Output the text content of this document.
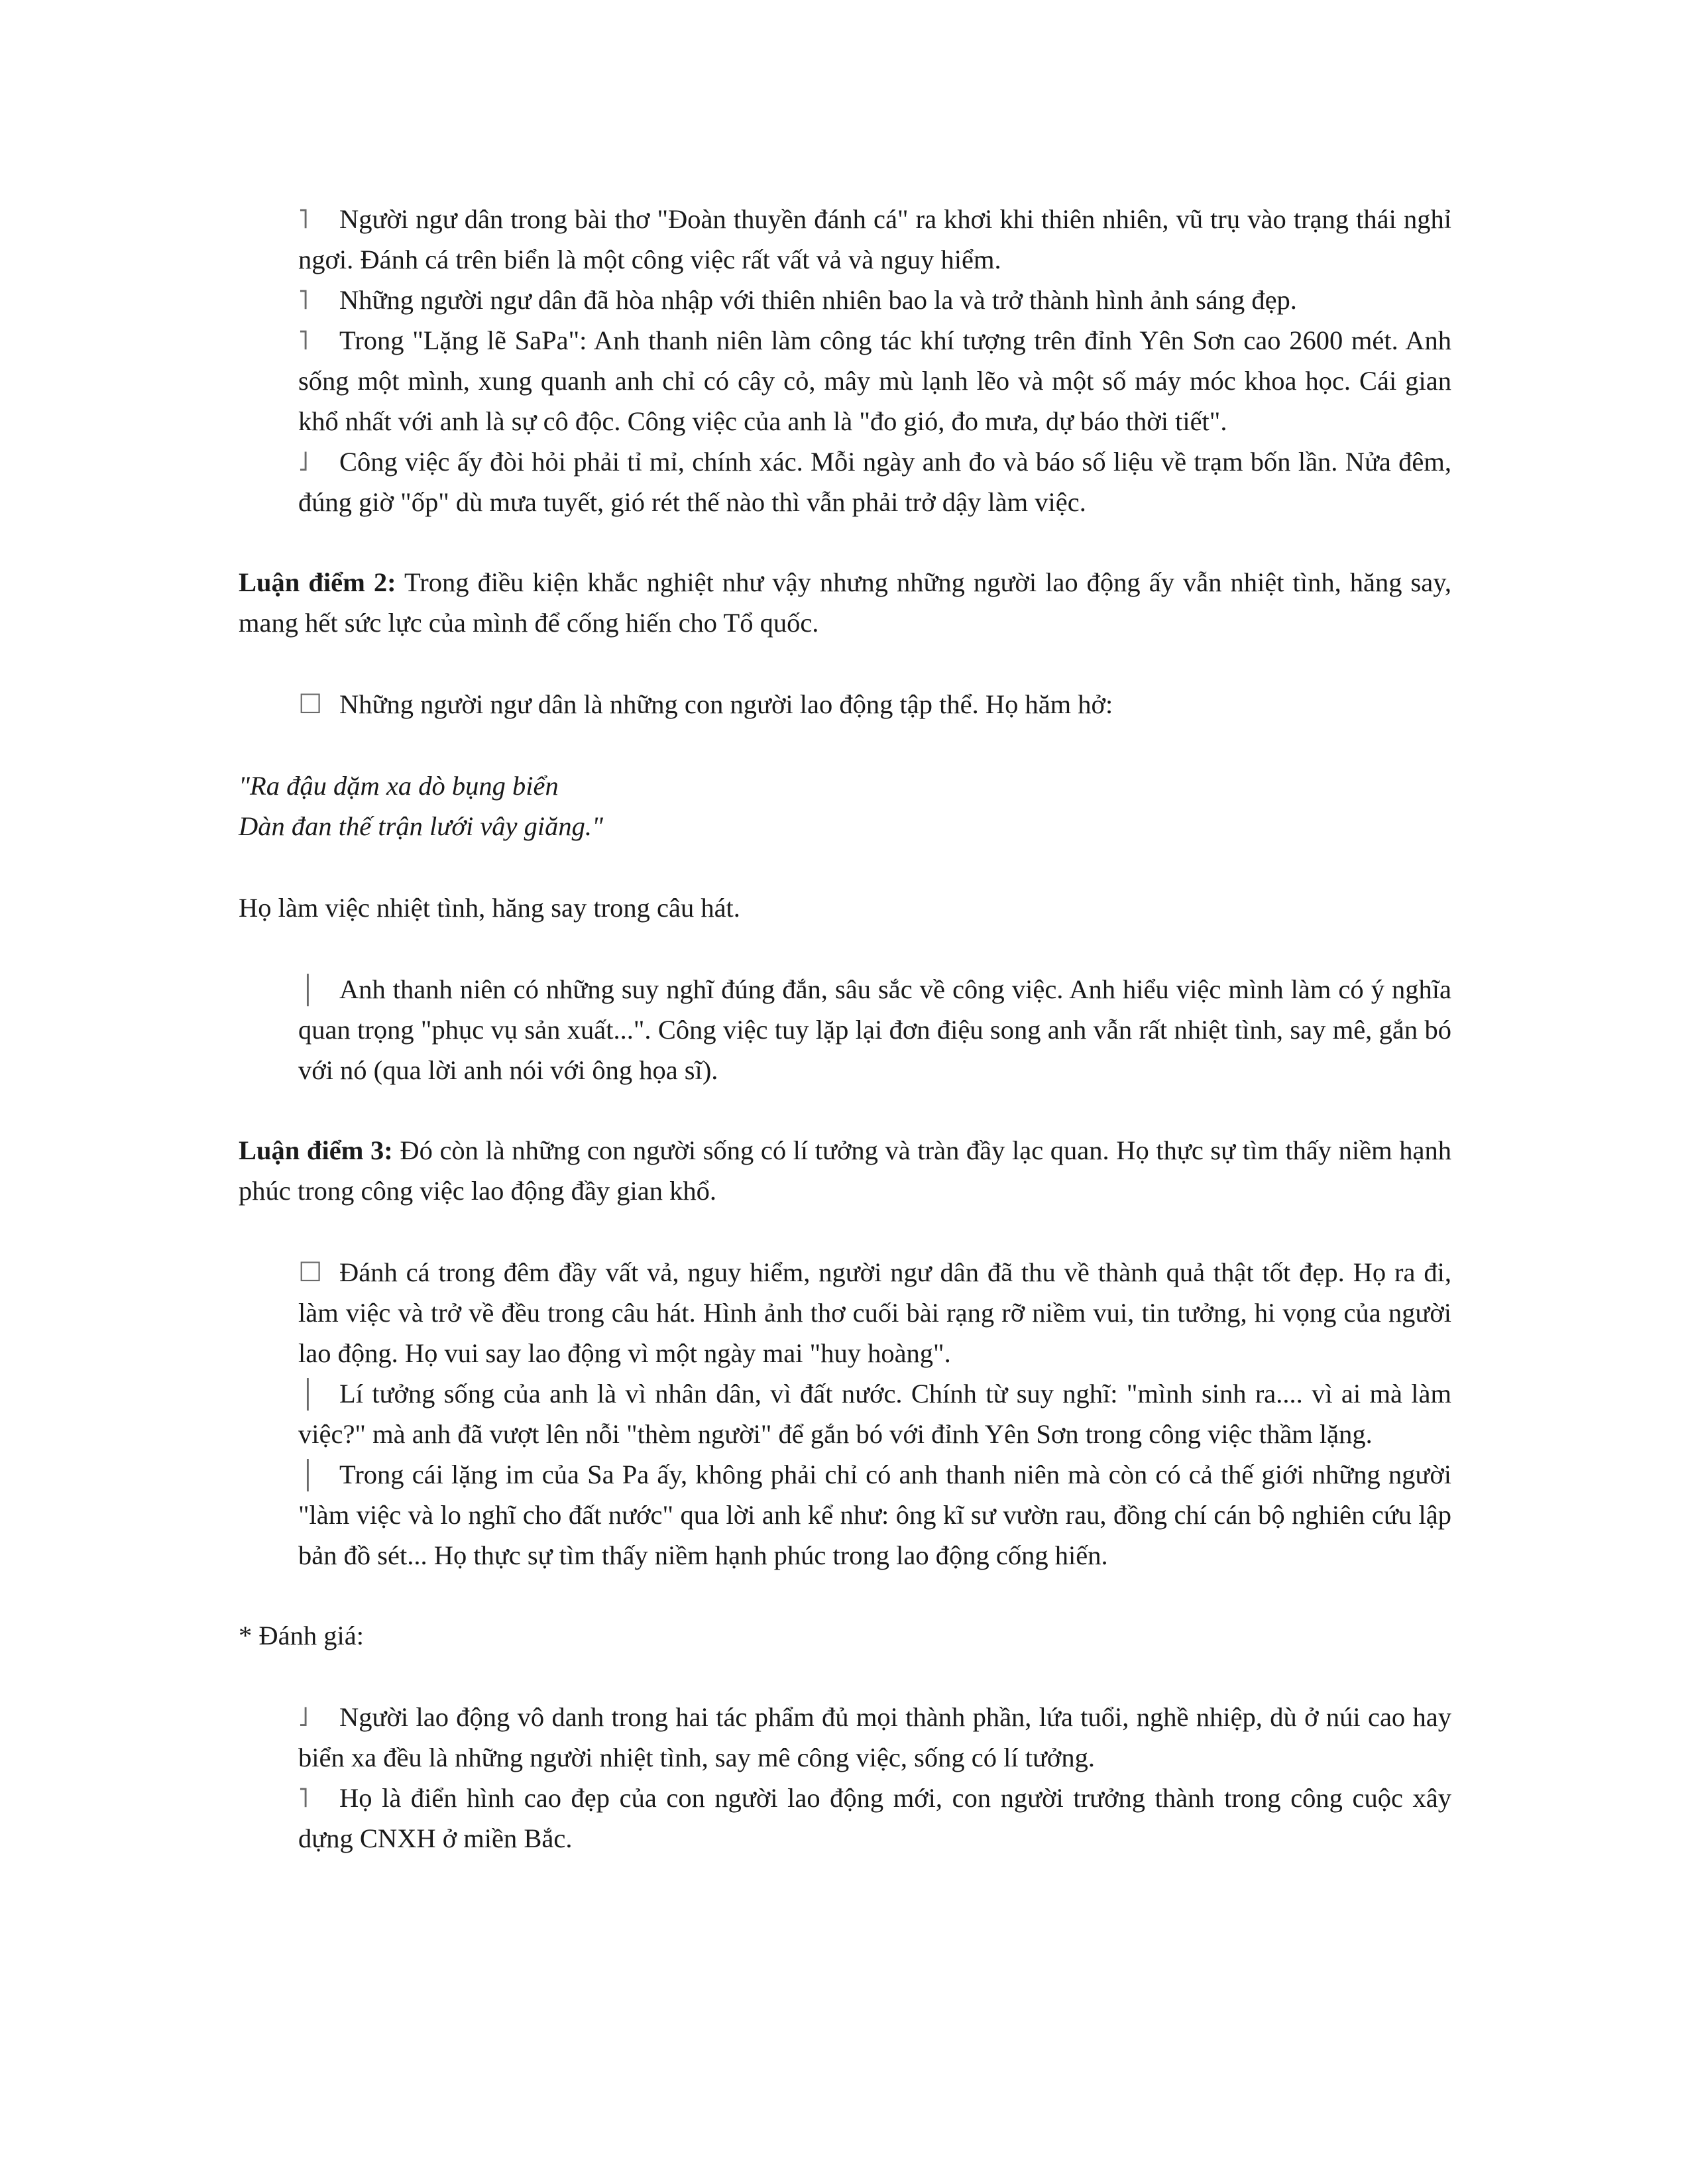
˥ Người ngư dân trong bài thơ "Đoàn thuyền đánh cá" ra khơi khi thiên nhiên, vũ trụ vào trạng thái nghỉ ngơi. Đánh cá trên biển là một công việc rất vất vả và nguy hiểm.
˥ Những người ngư dân đã hòa nhập với thiên nhiên bao la và trở thành hình ảnh sáng đẹp.
˥ Trong "Lặng lẽ SaPa": Anh thanh niên làm công tác khí tượng trên đỉnh Yên Sơn cao 2600 mét. Anh sống một mình, xung quanh anh chỉ có cây cỏ, mây mù lạnh lẽo và một số máy móc khoa học. Cái gian khổ nhất với anh là sự cô độc. Công việc của anh là "đo gió, đo mưa, dự báo thời tiết".
˩ Công việc ấy đòi hỏi phải tỉ mỉ, chính xác. Mỗi ngày anh đo và báo số liệu về trạm bốn lần. Nửa đêm, đúng giờ "ốp" dù mưa tuyết, gió rét thế nào thì vẫn phải trở dậy làm việc.
Luận điểm 2: Trong điều kiện khắc nghiệt như vậy nhưng những người lao động ấy vẫn nhiệt tình, hăng say, mang hết sức lực của mình để cống hiến cho Tổ quốc.
☐ Những người ngư dân là những con người lao động tập thể. Họ hăm hở:
"Ra đậu dặm xa dò bụng biển
Dàn đan thế trận lưới vây giăng."
Họ làm việc nhiệt tình, hăng say trong câu hát.
│ Anh thanh niên có những suy nghĩ đúng đắn, sâu sắc về công việc. Anh hiểu việc mình làm có ý nghĩa quan trọng "phục vụ sản xuất...". Công việc tuy lặp lại đơn điệu song anh vẫn rất nhiệt tình, say mê, gắn bó với nó (qua lời anh nói với ông họa sĩ).
Luận điểm 3: Đó còn là những con người sống có lí tưởng và tràn đầy lạc quan. Họ thực sự tìm thấy niềm hạnh phúc trong công việc lao động đầy gian khổ.
☐ Đánh cá trong đêm đầy vất vả, nguy hiểm, người ngư dân đã thu về thành quả thật tốt đẹp. Họ ra đi, làm việc và trở về đều trong câu hát. Hình ảnh thơ cuối bài rạng rỡ niềm vui, tin tưởng, hi vọng của người lao động. Họ vui say lao động vì một ngày mai "huy hoàng".
│ Lí tưởng sống của anh là vì nhân dân, vì đất nước. Chính từ suy nghĩ: "mình sinh ra.... vì ai mà làm việc?" mà anh đã vượt lên nỗi "thèm người" để gắn bó với đỉnh Yên Sơn trong công việc thầm lặng.
│ Trong cái lặng im của Sa Pa ấy, không phải chỉ có anh thanh niên mà còn có cả thế giới những người "làm việc và lo nghĩ cho đất nước" qua lời anh kể như: ông kĩ sư vườn rau, đồng chí cán bộ nghiên cứu lập bản đồ sét... Họ thực sự tìm thấy niềm hạnh phúc trong lao động cống hiến.
* Đánh giá:
˩ Người lao động vô danh trong hai tác phẩm đủ mọi thành phần, lứa tuổi, nghề nhiệp, dù ở núi cao hay biển xa đều là những người nhiệt tình, say mê công việc, sống có lí tưởng.
˥ Họ là điển hình cao đẹp của con người lao động mới, con người trưởng thành trong công cuộc xây dựng CNXH ở miền Bắc.
